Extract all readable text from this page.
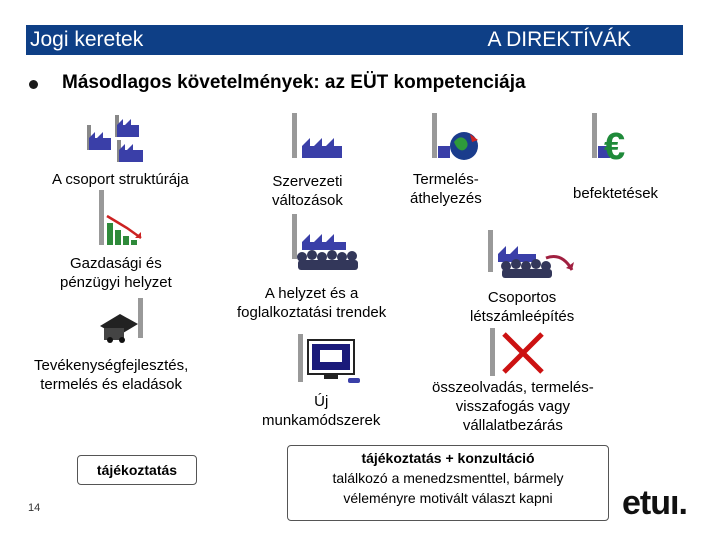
Jogi keretek	A DIREKTÍVÁK
Másodlagos követelmények: az EÜT kompetenciája
A csoport struktúrája	Szervezeti
változások
Termelés-
áthelyezés
€
befektetések
Gazdasági és
pénzügyi helyzet
A helyzet és a
foglalkoztatási trendek
Csoportos
létszámleépítés
Tevékenységfejlesztés,
termelés és eladások
Új
munkamódszerek
összeolvadás, termelés-
visszafogás vagy
vállalatbezárás
tájékoztatás
tájékoztatás + konzultáció
találkozó a menedzsmenttel, bármely
véleményre motivált választ kapni
14	etuı.
